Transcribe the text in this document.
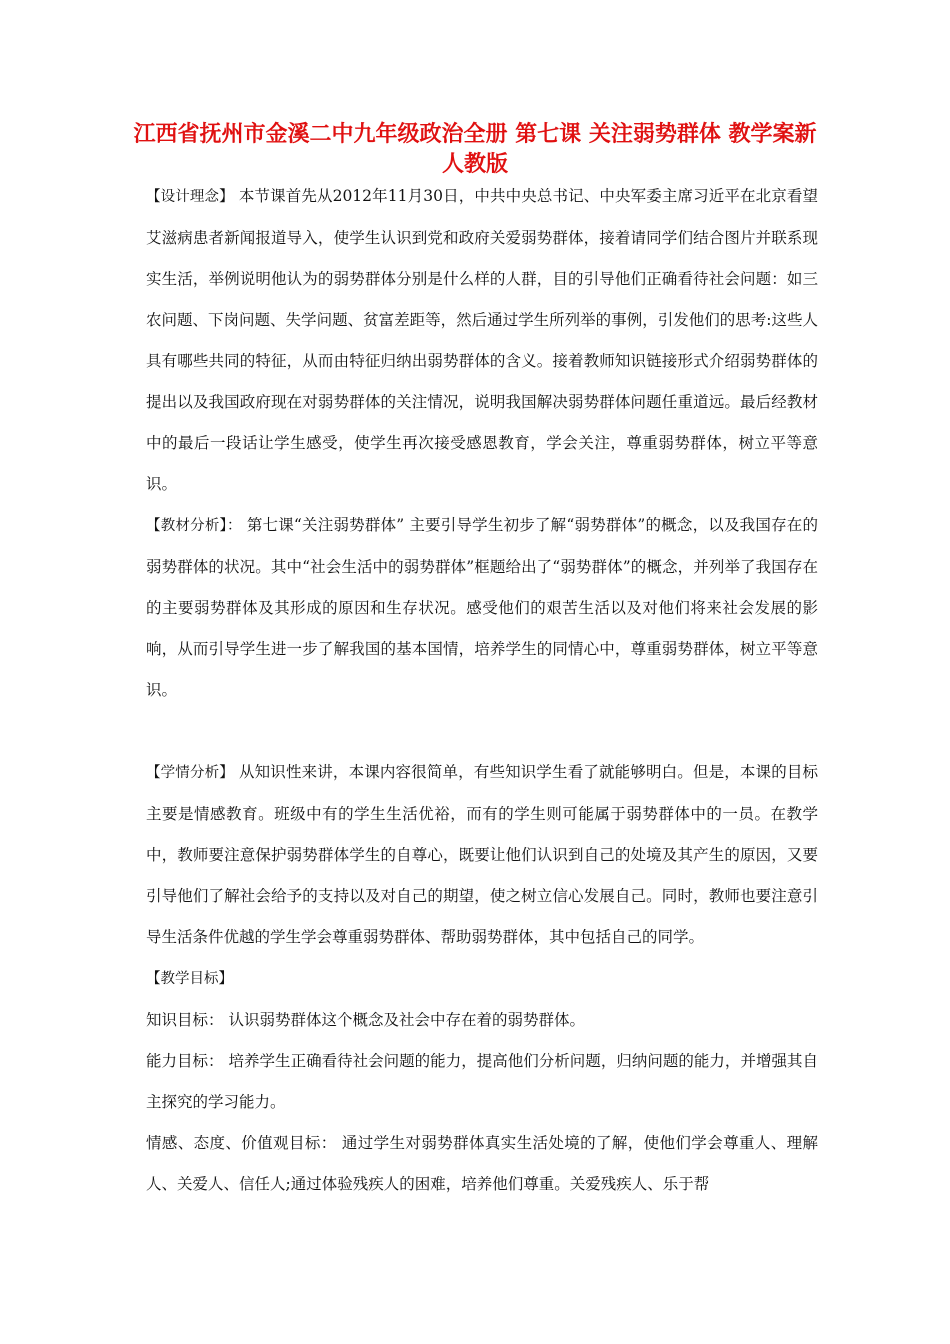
江西省抚州市金溪二中九年级政治全册 第七课 关注弱势群体 教学案新人教版

【设计理念】 本节课首先从2012年11月30日，中共中央总书记、中央军委主席习近平在北京看望艾滋病患者新闻报道导入，使学生认识到党和政府关爱弱势群体，接着请同学们结合图片并联系现实生活，举例说明他认为的弱势群体分别是什么样的人群，目的引导他们正确看待社会问题：如三农问题、下岗问题、失学问题、贫富差距等，然后通过学生所列举的事例，引发他们的思考:这些人具有哪些共同的特征，从而由特征归纳出弱势群体的含义。接着教师知识链接形式介绍弱势群体的提出以及我国政府现在对弱势群体的关注情况，说明我国解决弱势群体问题任重道远。最后经教材中的最后一段话让学生感受，使学生再次接受感恩教育，学会关注，尊重弱势群体，树立平等意识。

【教材分析】： 第七课“关注弱势群体” 主要引导学生初步了解“弱势群体”的概念，以及我国存在的弱势群体的状况。其中“社会生活中的弱势群体”框题给出了“弱势群体”的概念，并列举了我国存在的主要弱势群体及其形成的原因和生存状况。感受他们的艰苦生活以及对他们将来社会发展的影响，从而引导学生进一步了解我国的基本国情，培养学生的同情心中，尊重弱势群体，树立平等意识。

【学情分析】 从知识性来讲，本课内容很简单，有些知识学生看了就能够明白。但是，本课的目标主要是情感教育。班级中有的学生生活优裕，而有的学生则可能属于弱势群体中的一员。在教学中，教师要注意保护弱势群体学生的自尊心，既要让他们认识到自己的处境及其产生的原因，又要引导他们了解社会给予的支持以及对自己的期望，使之树立信心发展自己。同时，教师也要注意引导生活条件优越的学生学会尊重弱势群体、帮助弱势群体，其中包括自己的同学。

【教学目标】

知识目标： 认识弱势群体这个概念及社会中存在着的弱势群体。

能力目标： 培养学生正确看待社会问题的能力，提高他们分析问题，归纳问题的能力，并增强其自主探究的学习能力。

情感、态度、价值观目标： 通过学生对弱势群体真实生活处境的了解，使他们学会尊重人、理解人、关爱人、信任人;通过体验残疾人的困难，培养他们尊重。关爱残疾人、乐于帮
